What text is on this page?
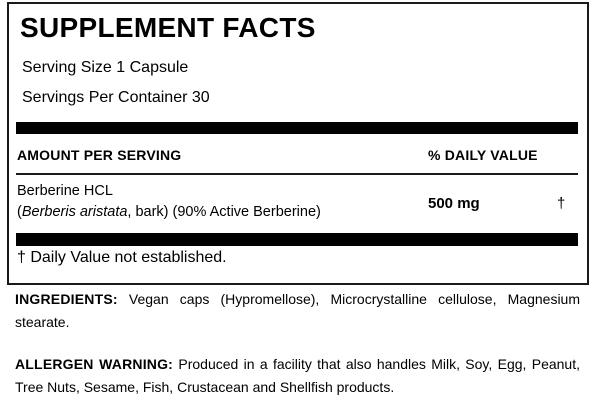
SUPPLEMENT FACTS
Serving Size 1 Capsule
Servings Per Container 30
AMOUNT PER SERVING	% DAILY VALUE
Berberine HCL
(Berberis aristata, bark) (90% Active Berberine)	500 mg	†
† Daily Value not established.

INGREDIENTS: Vegan caps (Hypromellose), Microcrystalline cellulose, Magnesium stearate.

ALLERGEN WARNING: Produced in a facility that also handles Milk, Soy, Egg, Peanut, Tree Nuts, Sesame, Fish, Crustacean and Shellfish products.
